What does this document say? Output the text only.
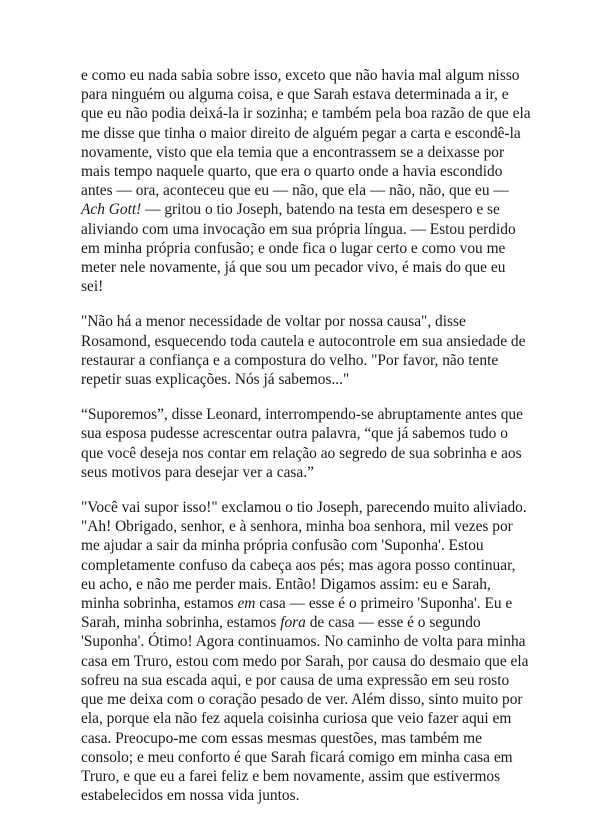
e como eu nada sabia sobre isso, exceto que não havia mal algum nisso para ninguém ou alguma coisa, e que Sarah estava determinada a ir, e que eu não podia deixá-la ir sozinha; e também pela boa razão de que ela me disse que tinha o maior direito de alguém pegar a carta e escondê-la novamente, visto que ela temia que a encontrassem se a deixasse por mais tempo naquele quarto, que era o quarto onde a havia escondido antes — ora, aconteceu que eu — não, que ela — não, não, que eu — Ach Gott! — gritou o tio Joseph, batendo na testa em desespero e se aliviando com uma invocação em sua própria língua. — Estou perdido em minha própria confusão; e onde fica o lugar certo e como vou me meter nele novamente, já que sou um pecador vivo, é mais do que eu sei!

"Não há a menor necessidade de voltar por nossa causa", disse Rosamond, esquecendo toda cautela e autocontrole em sua ansiedade de restaurar a confiança e a compostura do velho. "Por favor, não tente repetir suas explicações. Nós já sabemos..."

“Suporemos”, disse Leonard, interrompendo-se abruptamente antes que sua esposa pudesse acrescentar outra palavra, “que já sabemos tudo o que você deseja nos contar em relação ao segredo de sua sobrinha e aos seus motivos para desejar ver a casa.”

"Você vai supor isso!" exclamou o tio Joseph, parecendo muito aliviado. "Ah! Obrigado, senhor, e à senhora, minha boa senhora, mil vezes por me ajudar a sair da minha própria confusão com 'Suponha'. Estou completamente confuso da cabeça aos pés; mas agora posso continuar, eu acho, e não me perder mais. Então! Digamos assim: eu e Sarah, minha sobrinha, estamos em casa — esse é o primeiro 'Suponha'. Eu e Sarah, minha sobrinha, estamos fora de casa — esse é o segundo 'Suponha'. Ótimo! Agora continuamos. No caminho de volta para minha casa em Truro, estou com medo por Sarah, por causa do desmaio que ela sofreu na sua escada aqui, e por causa de uma expressão em seu rosto que me deixa com o coração pesado de ver. Além disso, sinto muito por ela, porque ela não fez aquela coisinha curiosa que veio fazer aqui em casa. Preocupo-me com essas mesmas questões, mas também me consolo; e meu conforto é que Sarah ficará comigo em minha casa em Truro, e que eu a farei feliz e bem novamente, assim que estivermos estabelecidos em nossa vida juntos.
